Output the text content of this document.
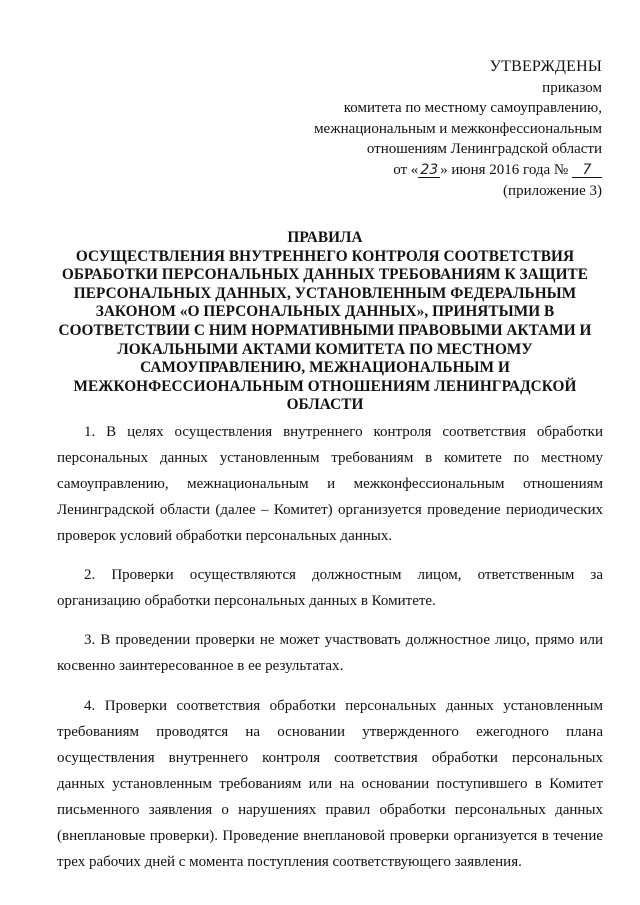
УТВЕРЖДЕНЫ
приказом
комитета по местному самоуправлению,
межнациональным и межконфессиональным
отношениям Ленинградской области
от « 23 » июня 2016 года № 7
(приложение 3)
ПРАВИЛА
ОСУЩЕСТВЛЕНИЯ ВНУТРЕННЕГО КОНТРОЛЯ СООТВЕТСТВИЯ
ОБРАБОТКИ ПЕРСОНАЛЬНЫХ ДАННЫХ ТРЕБОВАНИЯМ К ЗАЩИТЕ
ПЕРСОНАЛЬНЫХ ДАННЫХ, УСТАНОВЛЕННЫМ ФЕДЕРАЛЬНЫМ
ЗАКОНОМ «О ПЕРСОНАЛЬНЫХ ДАННЫХ», ПРИНЯТЫМИ В
СООТВЕТСТВИИ С НИМ НОРМАТИВНЫМИ ПРАВОВЫМИ АКТАМИ И
ЛОКАЛЬНЫМИ АКТАМИ КОМИТЕТА ПО МЕСТНОМУ
САМОУПРАВЛЕНИЮ, МЕЖНАЦИОНАЛЬНЫМ И
МЕЖКОНФЕССИОНАЛЬНЫМ ОТНОШЕНИЯМ ЛЕНИНГРАДСКОЙ
ОБЛАСТИ

1. В целях осуществления внутреннего контроля соответствия обработки персональных данных установленным требованиям в комитете по местному самоуправлению, межнациональным и межконфессиональным отношениям Ленинградской области (далее – Комитет) организуется проведение периодических проверок условий обработки персональных данных.

2. Проверки осуществляются должностным лицом, ответственным за организацию обработки персональных данных в Комитете.

3. В проведении проверки не может участвовать должностное лицо, прямо или косвенно заинтересованное в ее результатах.

4. Проверки соответствия обработки персональных данных установленным требованиям проводятся на основании утвержденного ежегодного плана осуществления внутреннего контроля соответствия обработки персональных данных установленным требованиям или на основании поступившего в Комитет письменного заявления о нарушениях правил обработки персональных данных (внеплановые проверки). Проведение внеплановой проверки организуется в течение трех рабочих дней с момента поступления соответствующего заявления.
